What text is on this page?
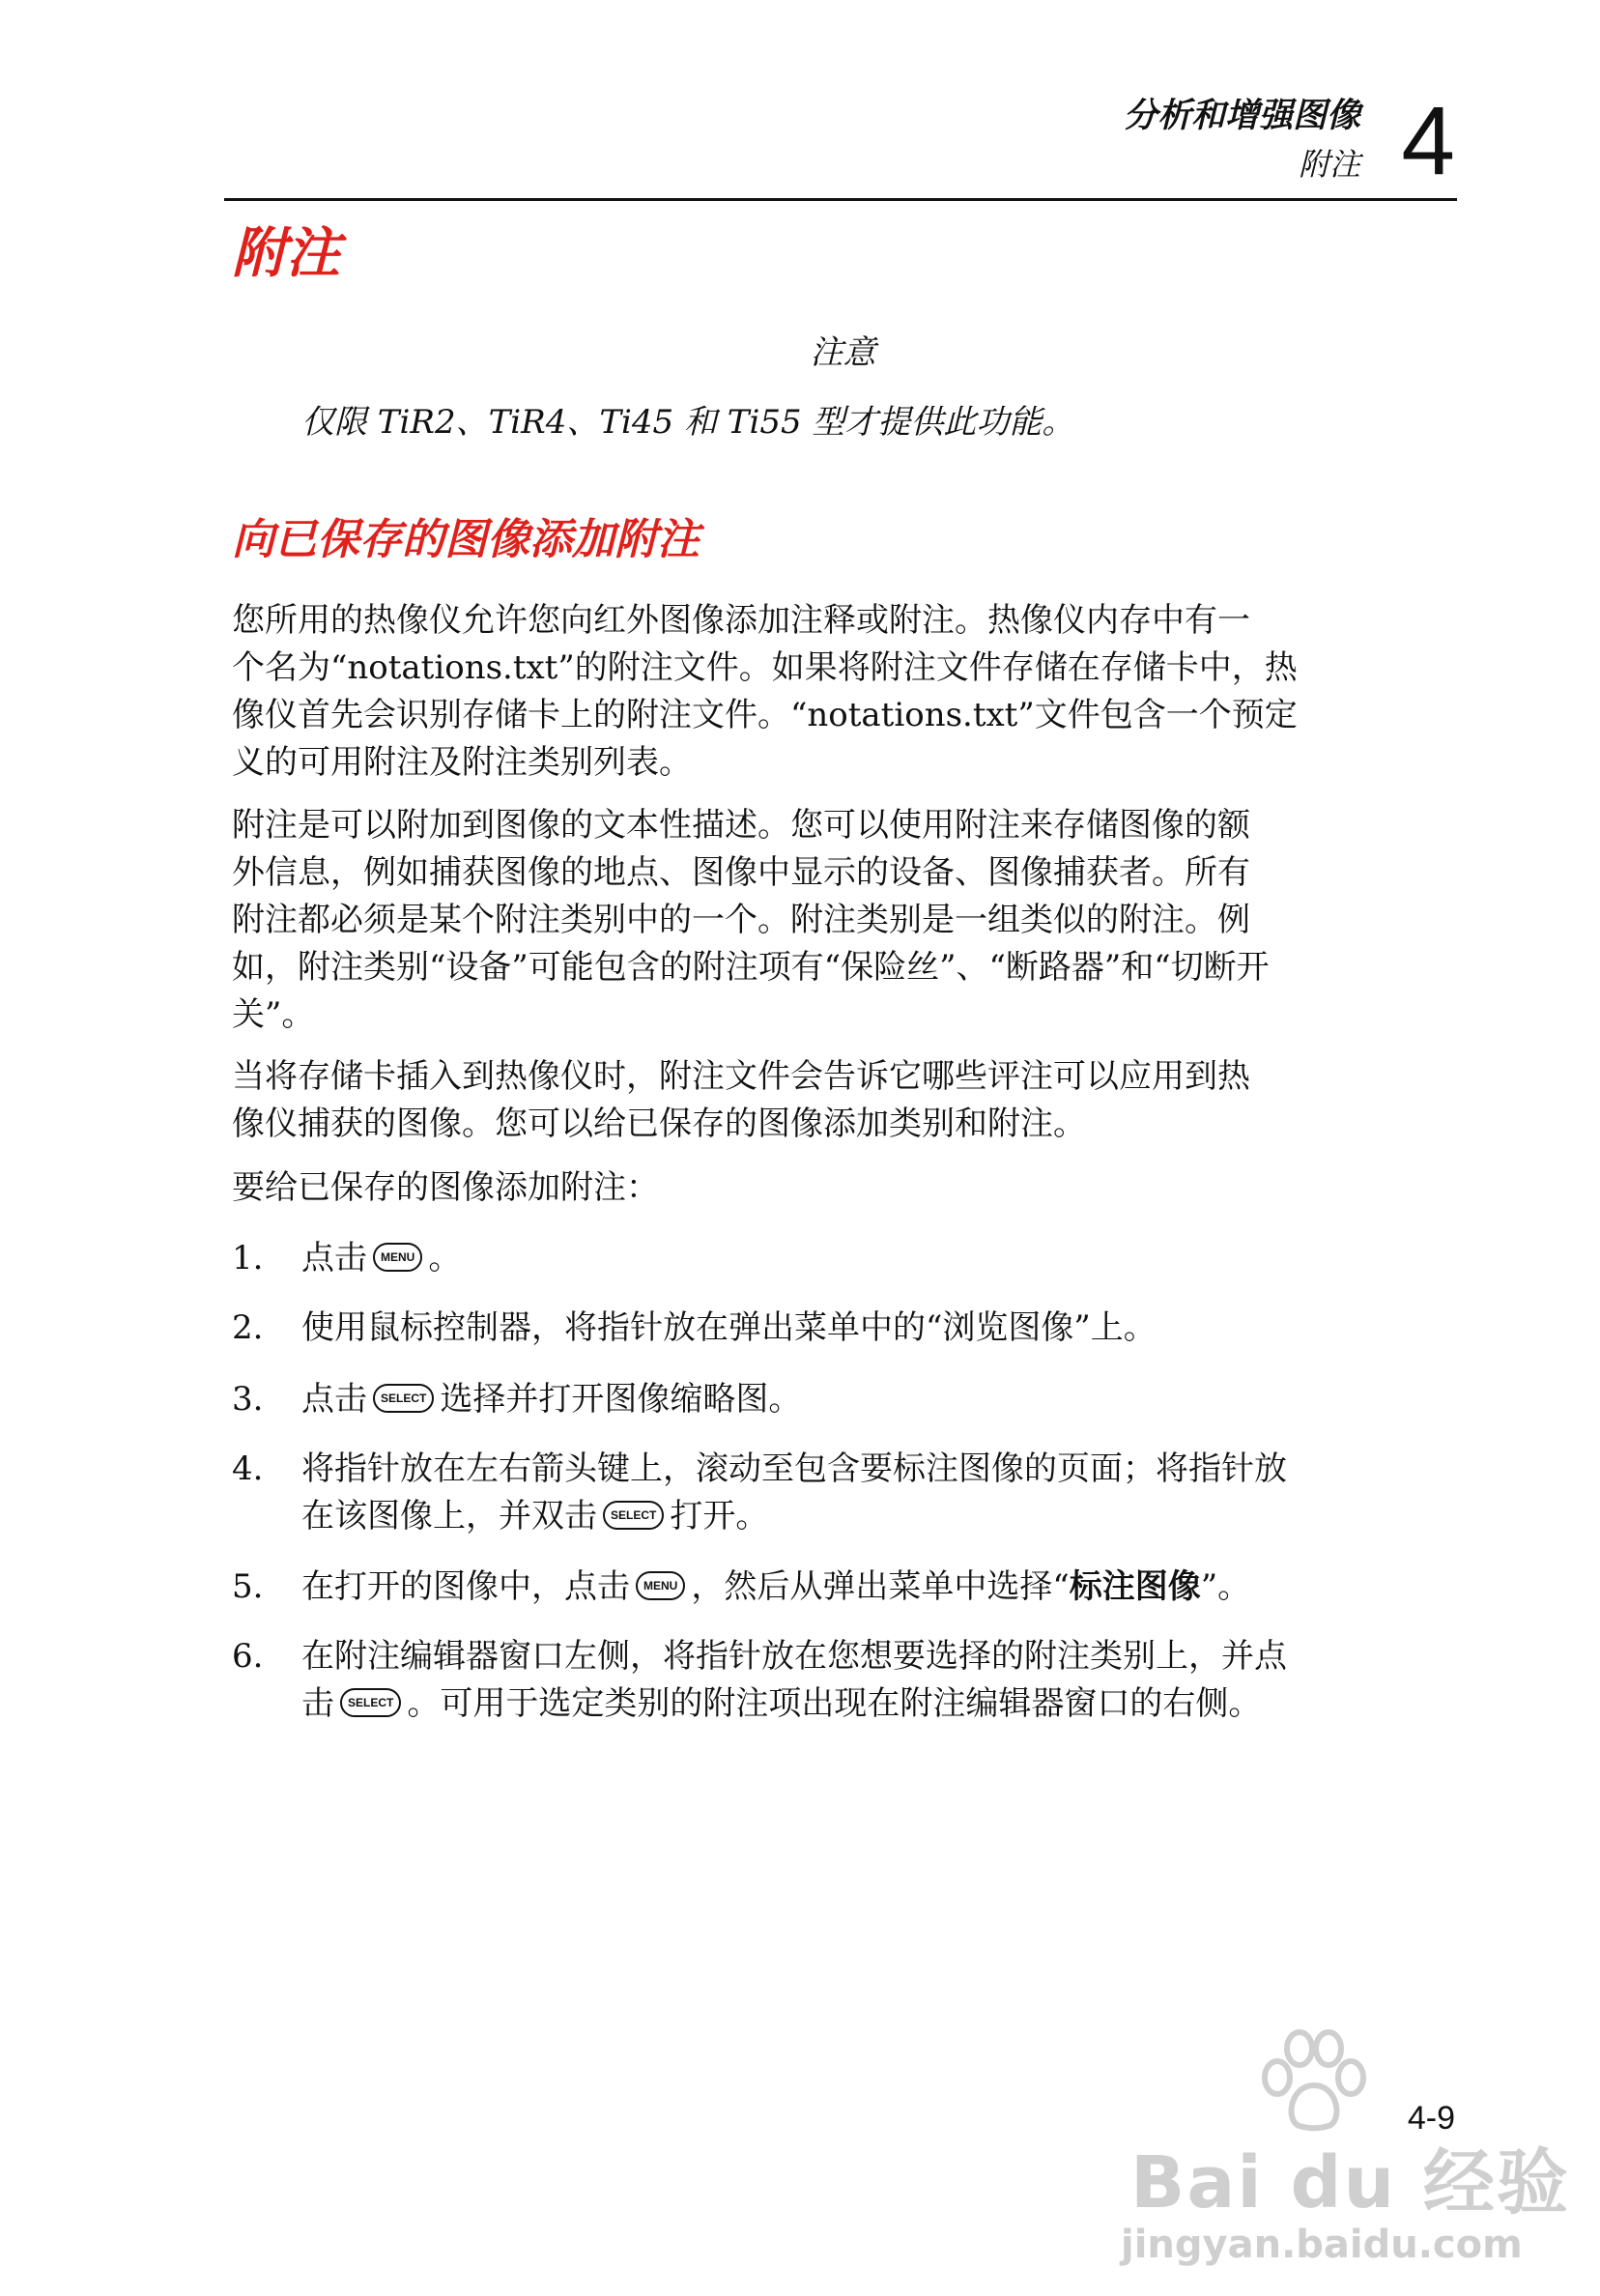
分析和增强图像
附注 4
附注
注意
仅限 TiR2、TiR4、Ti45 和 Ti55 型才提供此功能。
向已保存的图像添加附注
您所用的热像仪允许您向红外图像添加注释或附注。热像仪内存中有一
个名为“notations.txt”的附注文件。如果将附注文件存储在存储卡中，热
像仪首先会识别存储卡上的附注文件。“notations.txt”文件包含一个预定
义的可用附注及附注类别列表。
附注是可以附加到图像的文本性描述。您可以使用附注来存储图像的额
外信息，例如捕获图像的地点、图像中显示的设备、图像捕获者。所有
附注都必须是某个附注类别中的一个。附注类别是一组类似的附注。例
如，附注类别“设备”可能包含的附注项有“保险丝”、“断路器”和“切断开
关”。
当将存储卡插入到热像仪时，附注文件会告诉它哪些评注可以应用到热
像仪捕获的图像。您可以给已保存的图像添加类别和附注。
要给已保存的图像添加附注：
1. 点击 MENU 。
2. 使用鼠标控制器，将指针放在弹出菜单中的“浏览图像”上。
3. 点击 SELECT 选择并打开图像缩略图。
4. 将指针放在左右箭头键上，滚动至包含要标注图像的页面；将指针放
在该图像上，并双击 SELECT 打开。
5. 在打开的图像中，点击 MENU ，然后从弹出菜单中选择“标注图像”。
6. 在附注编辑器窗口左侧，将指针放在您想要选择的附注类别上，并点
击 SELECT 。可用于选定类别的附注项出现在附注编辑器窗口的右侧。
Bai du 经验
jingyan.baidu.com
4-9
